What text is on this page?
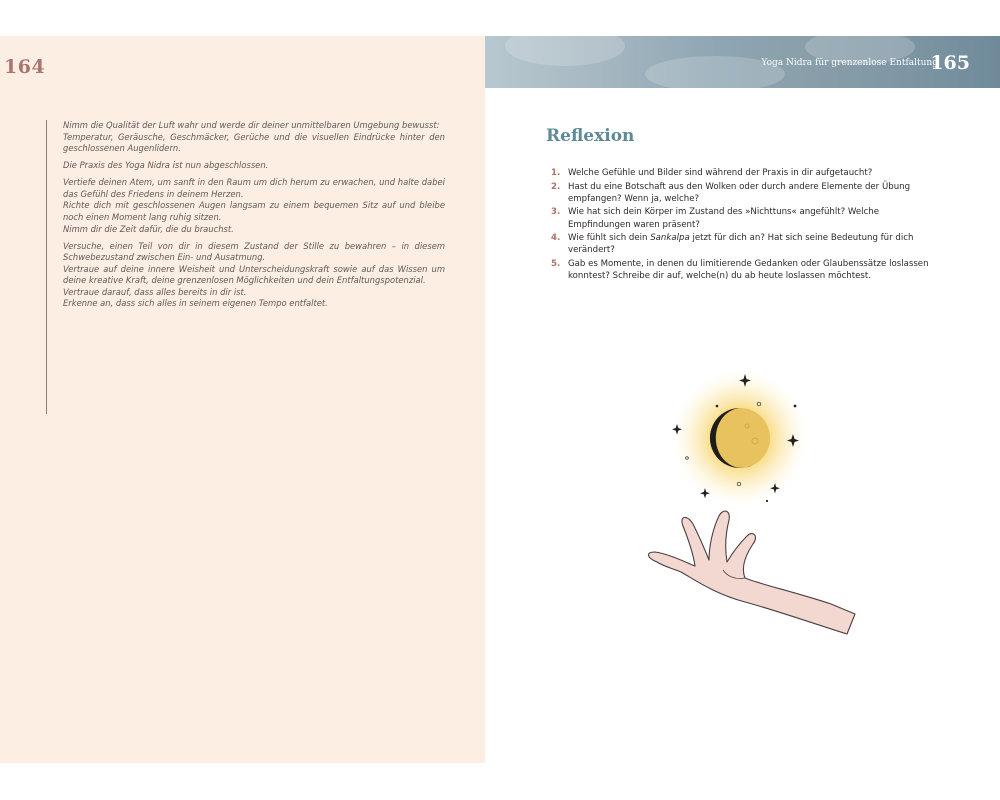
164

Nimm die Qualität der Luft wahr und werde dir deiner unmittelbaren Umgebung bewusst:
Temperatur, Geräusche, Geschmäcker, Gerüche und die visuellen Eindrücke hinter den geschlossenen Augenlidern.

Die Praxis des Yoga Nidra ist nun abgeschlossen.

Vertiefe deinen Atem, um sanft in den Raum um dich herum zu erwachen, und halte dabei das Gefühl des Friedens in deinem Herzen.
Richte dich mit geschlossenen Augen langsam zu einem bequemen Sitz auf und bleibe noch einen Moment lang ruhig sitzen.
Nimm dir die Zeit dafür, die du brauchst.

Versuche, einen Teil von dir in diesem Zustand der Stille zu bewahren – in diesem Schwebezustand zwischen Ein- und Ausatmung.
Vertraue auf deine innere Weisheit und Unterscheidungskraft sowie auf das Wissen um deine kreative Kraft, deine grenzenlosen Möglichkeiten und dein Entfaltungspotenzial.
Vertraue darauf, dass alles bereits in dir ist.
Erkenne an, dass sich alles in seinem eigenen Tempo entfaltet.

Yoga Nidra für grenzenlose Entfaltung
165
Reflexion
1. Welche Gefühle und Bilder sind während der Praxis in dir aufgetaucht?
2. Hast du eine Botschaft aus den Wolken oder durch andere Elemente der Übung empfangen? Wenn ja, welche?
3. Wie hat sich dein Körper im Zustand des »Nichttuns« angefühlt? Welche Empfindungen waren präsent?
4. Wie fühlt sich dein Sankalpa jetzt für dich an? Hat sich seine Bedeutung für dich verändert?
5. Gab es Momente, in denen du limitierende Gedanken oder Glaubenssätze loslassen konntest? Schreibe dir auf, welche(n) du ab heute loslassen möchtest.
